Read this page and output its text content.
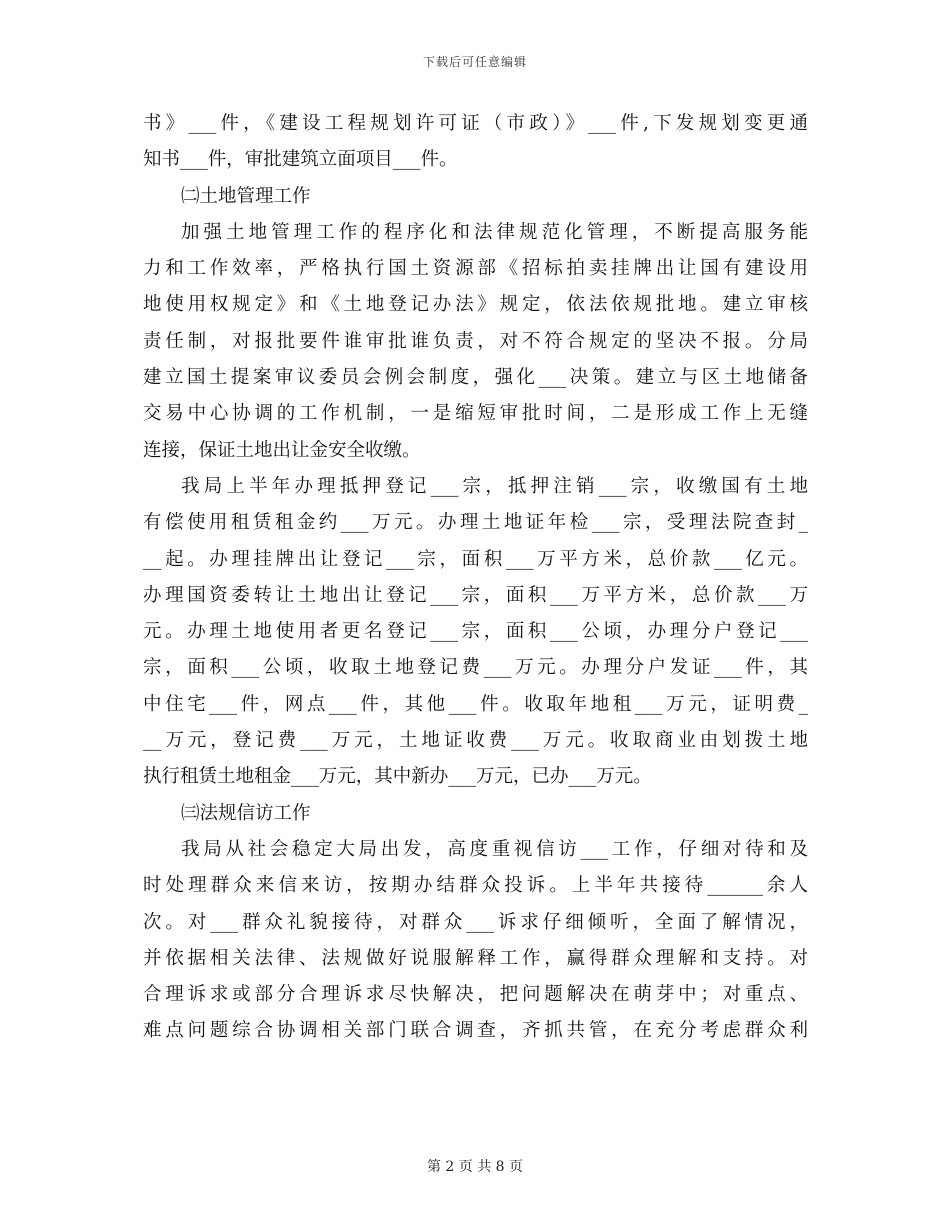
下载后可任意编辑
书》___件，《建设工程规划许可证（市政）》___件,下发规划变更通
知书___件，审批建筑立面项目___件。
㈡土地管理工作
加强土地管理工作的程序化和法律规范化管理，不断提高服务能
力和工作效率，严格执行国土资源部《招标拍卖挂牌出让国有建设用
地使用权规定》和《土地登记办法》规定，依法依规批地。建立审核
责任制，对报批要件谁审批谁负责，对不符合规定的坚决不报。分局
建立国土提案审议委员会例会制度，强化___决策。建立与区土地储备
交易中心协调的工作机制，一是缩短审批时间，二是形成工作上无缝
连接，保证土地出让金安全收缴。
我局上半年办理抵押登记___宗，抵押注销___宗，收缴国有土地
有偿使用租赁租金约___万元。办理土地证年检___宗，受理法院查封_
__起。办理挂牌出让登记___宗，面积___万平方米，总价款___亿元。
办理国资委转让土地出让登记___宗，面积___万平方米，总价款___万
元。办理土地使用者更名登记___宗，面积___公顷，办理分户登记___
宗，面积___公顷，收取土地登记费___万元。办理分户发证___件，其
中住宅___件，网点___件，其他___件。收取年地租___万元，证明费_
__万元，登记费___万元，土地证收费___万元。收取商业由划拨土地
执行租赁土地租金___万元，其中新办___万元，已办___万元。
㈢法规信访工作
我局从社会稳定大局出发，高度重视信访___工作，仔细对待和及
时处理群众来信来访，按期办结群众投诉。上半年共接待______余人
次。对___群众礼貌接待，对群众___诉求仔细倾听，全面了解情况，
并依据相关法律、法规做好说服解释工作，赢得群众理解和支持。对
合理诉求或部分合理诉求尽快解决，把问题解决在萌芽中；对重点、
难点问题综合协调相关部门联合调查，齐抓共管，在充分考虑群众利
第 2 页 共 8 页
